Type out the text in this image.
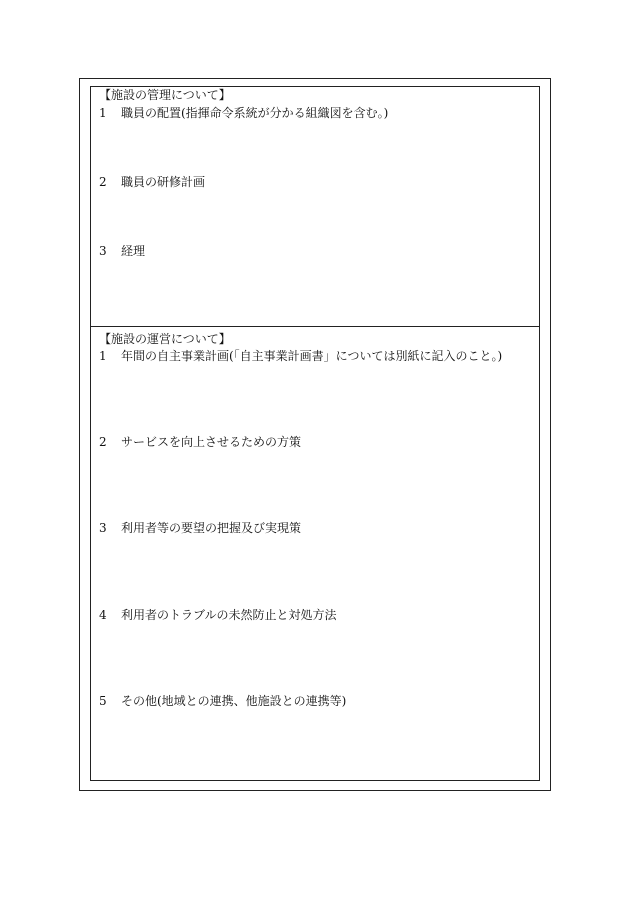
【施設の管理について】
1 職員の配置(指揮命令系統が分かる組織図を含む。)
2 職員の研修計画
3 経理
【施設の運営について】
1 年間の自主事業計画(「自主事業計画書」については別紙に記入のこと。)
2 サービスを向上させるための方策
3 利用者等の要望の把握及び実現策
4 利用者のトラブルの未然防止と対処方法
5 その他(地域との連携、他施設との連携等)
